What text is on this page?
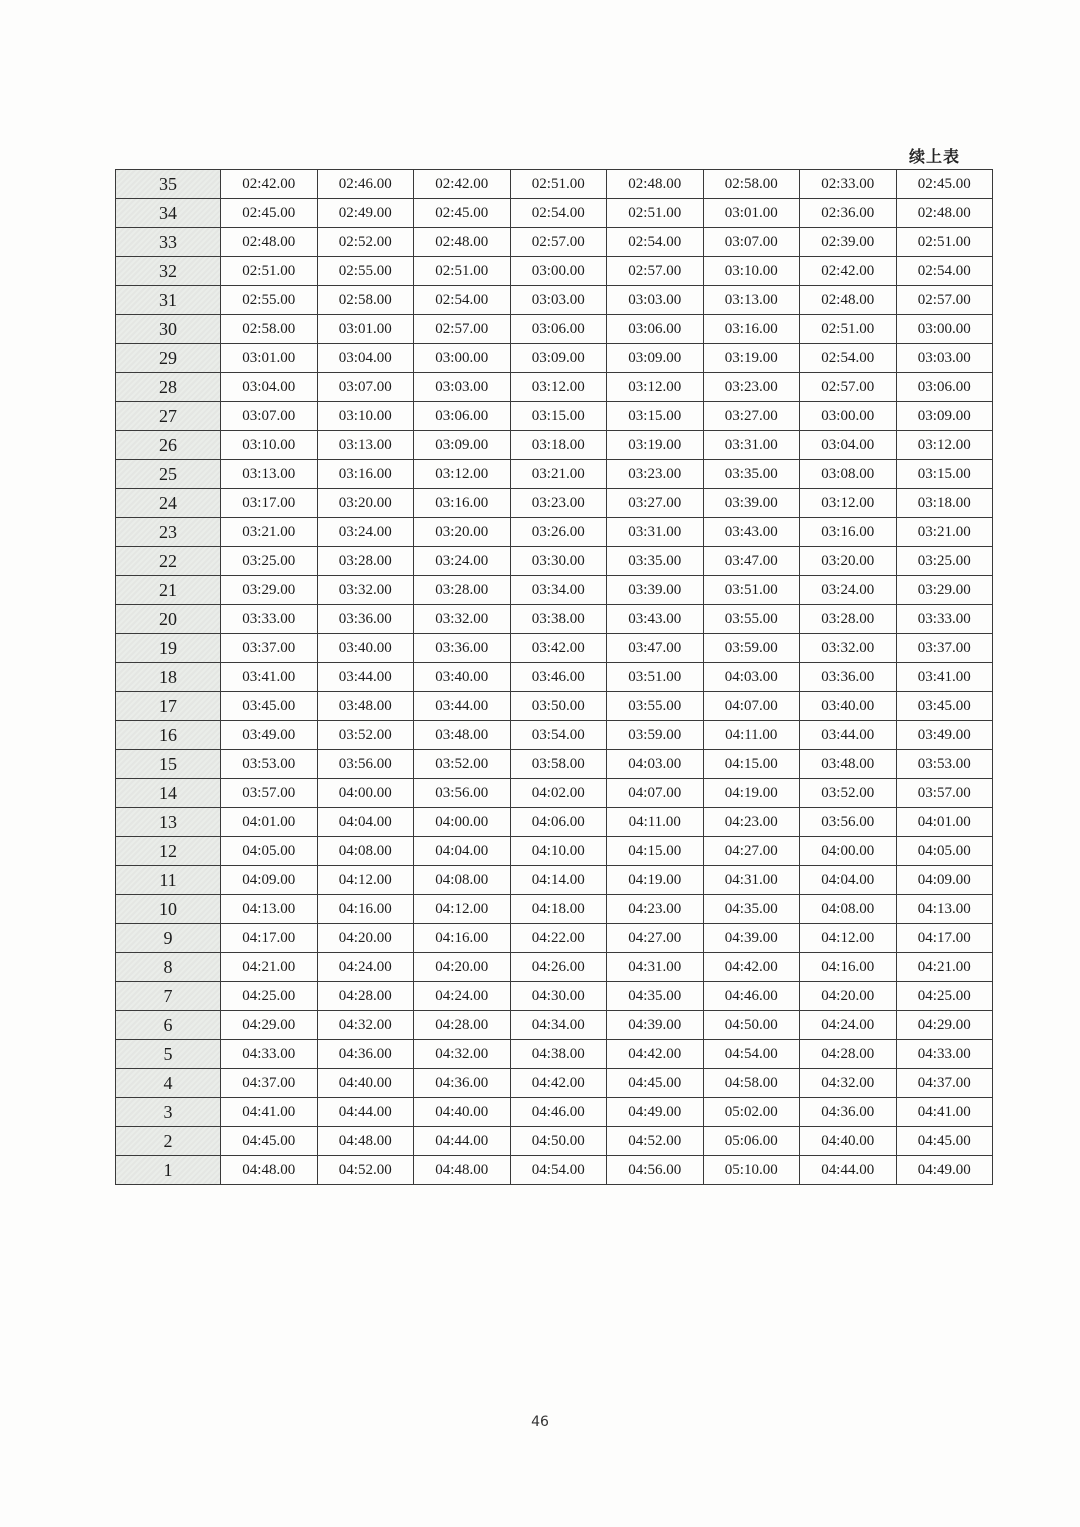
续上表
35	02:42.00	02:46.00	02:42.00	02:51.00	02:48.00	02:58.00	02:33.00	02:45.00
34	02:45.00	02:49.00	02:45.00	02:54.00	02:51.00	03:01.00	02:36.00	02:48.00
33	02:48.00	02:52.00	02:48.00	02:57.00	02:54.00	03:07.00	02:39.00	02:51.00
32	02:51.00	02:55.00	02:51.00	03:00.00	02:57.00	03:10.00	02:42.00	02:54.00
31	02:55.00	02:58.00	02:54.00	03:03.00	03:03.00	03:13.00	02:48.00	02:57.00
30	02:58.00	03:01.00	02:57.00	03:06.00	03:06.00	03:16.00	02:51.00	03:00.00
29	03:01.00	03:04.00	03:00.00	03:09.00	03:09.00	03:19.00	02:54.00	03:03.00
28	03:04.00	03:07.00	03:03.00	03:12.00	03:12.00	03:23.00	02:57.00	03:06.00
27	03:07.00	03:10.00	03:06.00	03:15.00	03:15.00	03:27.00	03:00.00	03:09.00
26	03:10.00	03:13.00	03:09.00	03:18.00	03:19.00	03:31.00	03:04.00	03:12.00
25	03:13.00	03:16.00	03:12.00	03:21.00	03:23.00	03:35.00	03:08.00	03:15.00
24	03:17.00	03:20.00	03:16.00	03:23.00	03:27.00	03:39.00	03:12.00	03:18.00
23	03:21.00	03:24.00	03:20.00	03:26.00	03:31.00	03:43.00	03:16.00	03:21.00
22	03:25.00	03:28.00	03:24.00	03:30.00	03:35.00	03:47.00	03:20.00	03:25.00
21	03:29.00	03:32.00	03:28.00	03:34.00	03:39.00	03:51.00	03:24.00	03:29.00
20	03:33.00	03:36.00	03:32.00	03:38.00	03:43.00	03:55.00	03:28.00	03:33.00
19	03:37.00	03:40.00	03:36.00	03:42.00	03:47.00	03:59.00	03:32.00	03:37.00
18	03:41.00	03:44.00	03:40.00	03:46.00	03:51.00	04:03.00	03:36.00	03:41.00
17	03:45.00	03:48.00	03:44.00	03:50.00	03:55.00	04:07.00	03:40.00	03:45.00
16	03:49.00	03:52.00	03:48.00	03:54.00	03:59.00	04:11.00	03:44.00	03:49.00
15	03:53.00	03:56.00	03:52.00	03:58.00	04:03.00	04:15.00	03:48.00	03:53.00
14	03:57.00	04:00.00	03:56.00	04:02.00	04:07.00	04:19.00	03:52.00	03:57.00
13	04:01.00	04:04.00	04:00.00	04:06.00	04:11.00	04:23.00	03:56.00	04:01.00
12	04:05.00	04:08.00	04:04.00	04:10.00	04:15.00	04:27.00	04:00.00	04:05.00
11	04:09.00	04:12.00	04:08.00	04:14.00	04:19.00	04:31.00	04:04.00	04:09.00
10	04:13.00	04:16.00	04:12.00	04:18.00	04:23.00	04:35.00	04:08.00	04:13.00
9	04:17.00	04:20.00	04:16.00	04:22.00	04:27.00	04:39.00	04:12.00	04:17.00
8	04:21.00	04:24.00	04:20.00	04:26.00	04:31.00	04:42.00	04:16.00	04:21.00
7	04:25.00	04:28.00	04:24.00	04:30.00	04:35.00	04:46.00	04:20.00	04:25.00
6	04:29.00	04:32.00	04:28.00	04:34.00	04:39.00	04:50.00	04:24.00	04:29.00
5	04:33.00	04:36.00	04:32.00	04:38.00	04:42.00	04:54.00	04:28.00	04:33.00
4	04:37.00	04:40.00	04:36.00	04:42.00	04:45.00	04:58.00	04:32.00	04:37.00
3	04:41.00	04:44.00	04:40.00	04:46.00	04:49.00	05:02.00	04:36.00	04:41.00
2	04:45.00	04:48.00	04:44.00	04:50.00	04:52.00	05:06.00	04:40.00	04:45.00
1	04:48.00	04:52.00	04:48.00	04:54.00	04:56.00	05:10.00	04:44.00	04:49.00
46
